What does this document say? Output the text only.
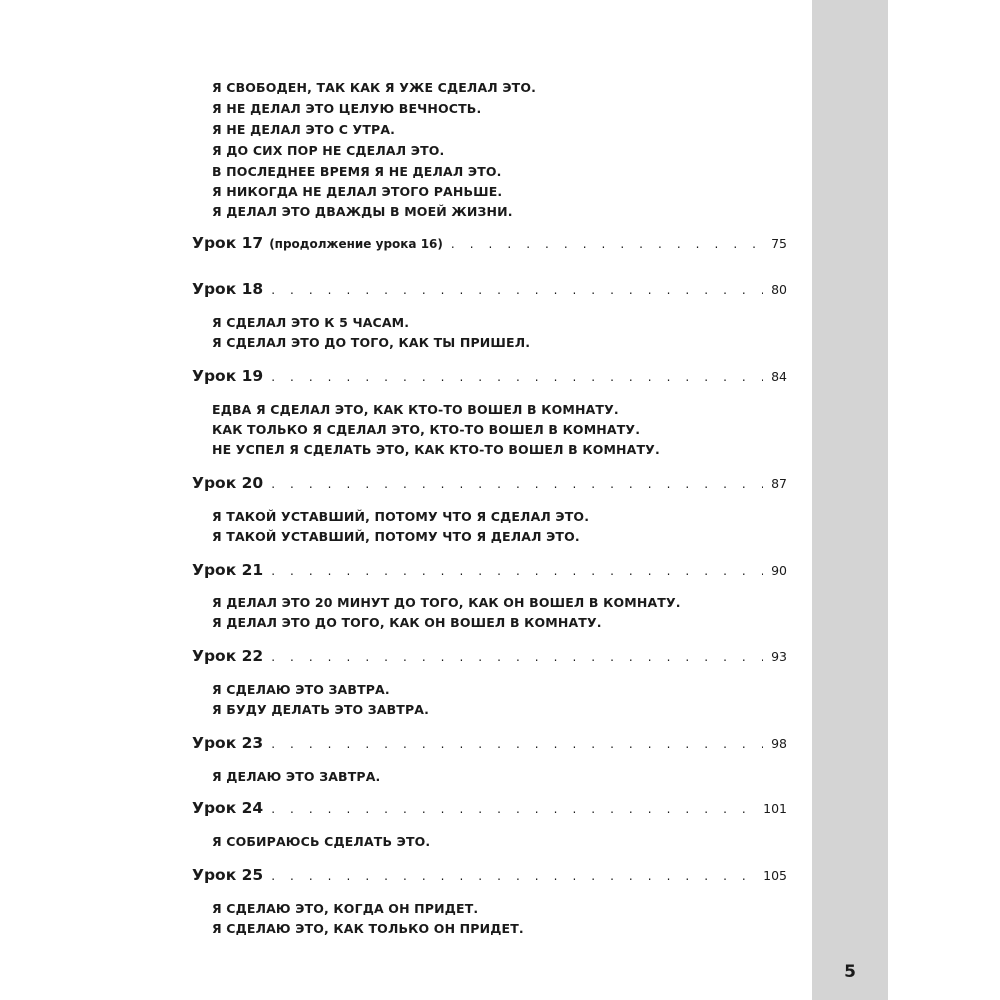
5
Я СВОБОДЕН, ТАК КАК Я УЖЕ СДЕЛАЛ ЭТО.
Я НЕ ДЕЛАЛ ЭТО ЦЕЛУЮ ВЕЧНОСТЬ.
Я НЕ ДЕЛАЛ ЭТО С УТРА.
Я ДО СИХ ПОР НЕ СДЕЛАЛ ЭТО.
В ПОСЛЕДНЕЕ ВРЕМЯ Я НЕ ДЕЛАЛ ЭТО.
Я НИКОГДА НЕ ДЕЛАЛ ЭТОГО РАНЬШЕ.
Я ДЕЛАЛ ЭТО ДВАЖДЫ В МОЕЙ ЖИЗНИ.
Урок 17 (продолжение урока 16) . . .	75
Урок 18 . . .	80
Я СДЕЛАЛ ЭТО К 5 ЧАСАМ.
Я СДЕЛАЛ ЭТО ДО ТОГО, КАК ТЫ ПРИШЕЛ.
Урок 19 . . .	84
ЕДВА Я СДЕЛАЛ ЭТО, КАК КТО-ТО ВОШЕЛ В КОМНАТУ.
КАК ТОЛЬКО Я СДЕЛАЛ ЭТО, КТО-ТО ВОШЕЛ В КОМНАТУ.
НЕ УСПЕЛ Я СДЕЛАТЬ ЭТО, КАК КТО-ТО ВОШЕЛ В КОМНАТУ.
Урок 20 . . .	87
Я ТАКОЙ УСТАВШИЙ, ПОТОМУ ЧТО Я СДЕЛАЛ ЭТО.
Я ТАКОЙ УСТАВШИЙ, ПОТОМУ ЧТО Я ДЕЛАЛ ЭТО.
Урок 21 . . .	90
Я ДЕЛАЛ ЭТО 20 МИНУТ ДО ТОГО, КАК ОН ВОШЕЛ В КОМНАТУ.
Я ДЕЛАЛ ЭТО ДО ТОГО, КАК ОН ВОШЕЛ В КОМНАТУ.
Урок 22 . . .	93
Я СДЕЛАЮ ЭТО ЗАВТРА.
Я БУДУ ДЕЛАТЬ ЭТО ЗАВТРА.
Урок 23 . . .	98
Я ДЕЛАЮ ЭТО ЗАВТРА.
Урок 24 . . .	101
Я СОБИРАЮСЬ СДЕЛАТЬ ЭТО.
Урок 25 . . .	105
Я СДЕЛАЮ ЭТО, КОГДА ОН ПРИДЕТ.
Я СДЕЛАЮ ЭТО, КАК ТОЛЬКО ОН ПРИДЕТ.
